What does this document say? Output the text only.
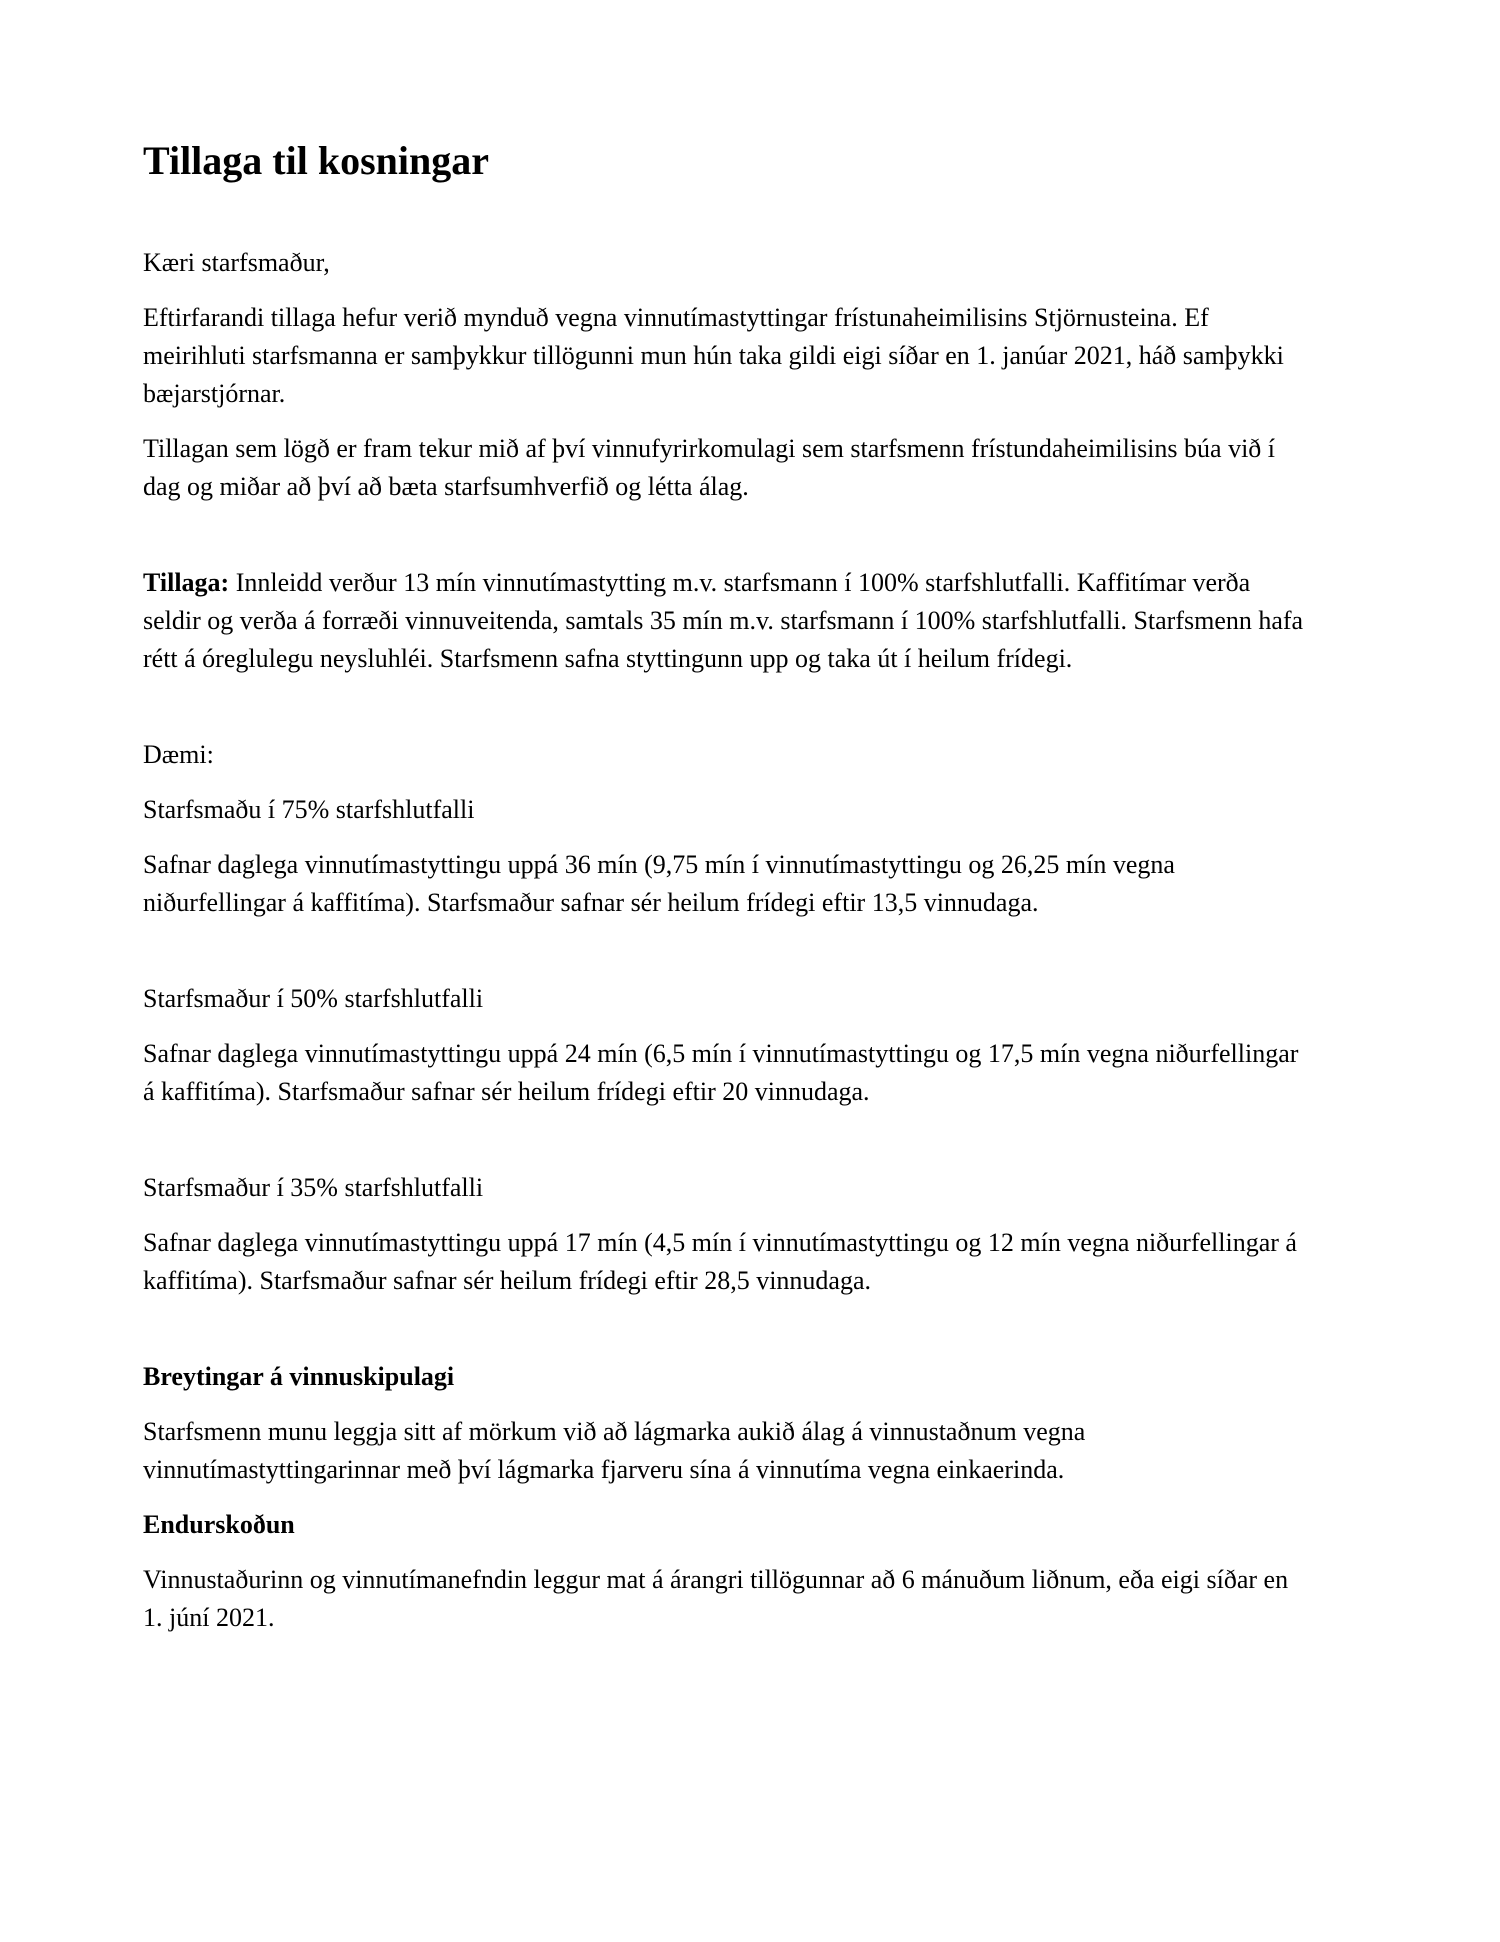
Tillaga til kosningar

Kæri starfsmaður,

Eftirfarandi tillaga hefur verið mynduð vegna vinnutímastyttingar frístunaheimilisins Stjörnusteina. Ef meirihluti starfsmanna er samþykkur tillögunni mun hún taka gildi eigi síðar en 1. janúar 2021, háð samþykki bæjarstjórnar.

Tillagan sem lögð er fram tekur mið af því vinnufyrirkomulagi sem starfsmenn frístundaheimilisins búa við í dag og miðar að því að bæta starfsumhverfið og létta álag.

Tillaga: Innleidd verður 13 mín vinnutímastytting m.v. starfsmann í 100% starfshlutfalli. Kaffitímar verða seldir og verða á forræði vinnuveitenda, samtals 35 mín m.v. starfsmann í 100% starfshlutfalli. Starfsmenn hafa rétt á óreglulegu neysluhléi. Starfsmenn safna styttingunn upp og taka út í heilum frídegi.

Dæmi:

Starfsmaðu í 75% starfshlutfalli

Safnar daglega vinnutímastyttingu uppá 36 mín (9,75 mín í vinnutímastyttingu og 26,25 mín vegna niðurfellingar á kaffitíma). Starfsmaður safnar sér heilum frídegi eftir 13,5 vinnudaga.

Starfsmaður í 50% starfshlutfalli

Safnar daglega vinnutímastyttingu uppá 24 mín (6,5 mín í vinnutímastyttingu og 17,5 mín vegna niðurfellingar á kaffitíma). Starfsmaður safnar sér heilum frídegi eftir 20 vinnudaga.

Starfsmaður í 35% starfshlutfalli

Safnar daglega vinnutímastyttingu uppá 17 mín (4,5 mín í vinnutímastyttingu og 12 mín vegna niðurfellingar á kaffitíma). Starfsmaður safnar sér heilum frídegi eftir 28,5 vinnudaga.

Breytingar á vinnuskipulagi

Starfsmenn munu leggja sitt af mörkum við að lágmarka aukið álag á vinnustaðnum vegna vinnutímastyttingarinnar með því lágmarka fjarveru sína á vinnutíma vegna einkaerinda.

Endurskoðun

Vinnustaðurinn og vinnutímanefndin leggur mat á árangri tillögunnar að 6 mánuðum liðnum, eða eigi síðar en 1. júní 2021.
